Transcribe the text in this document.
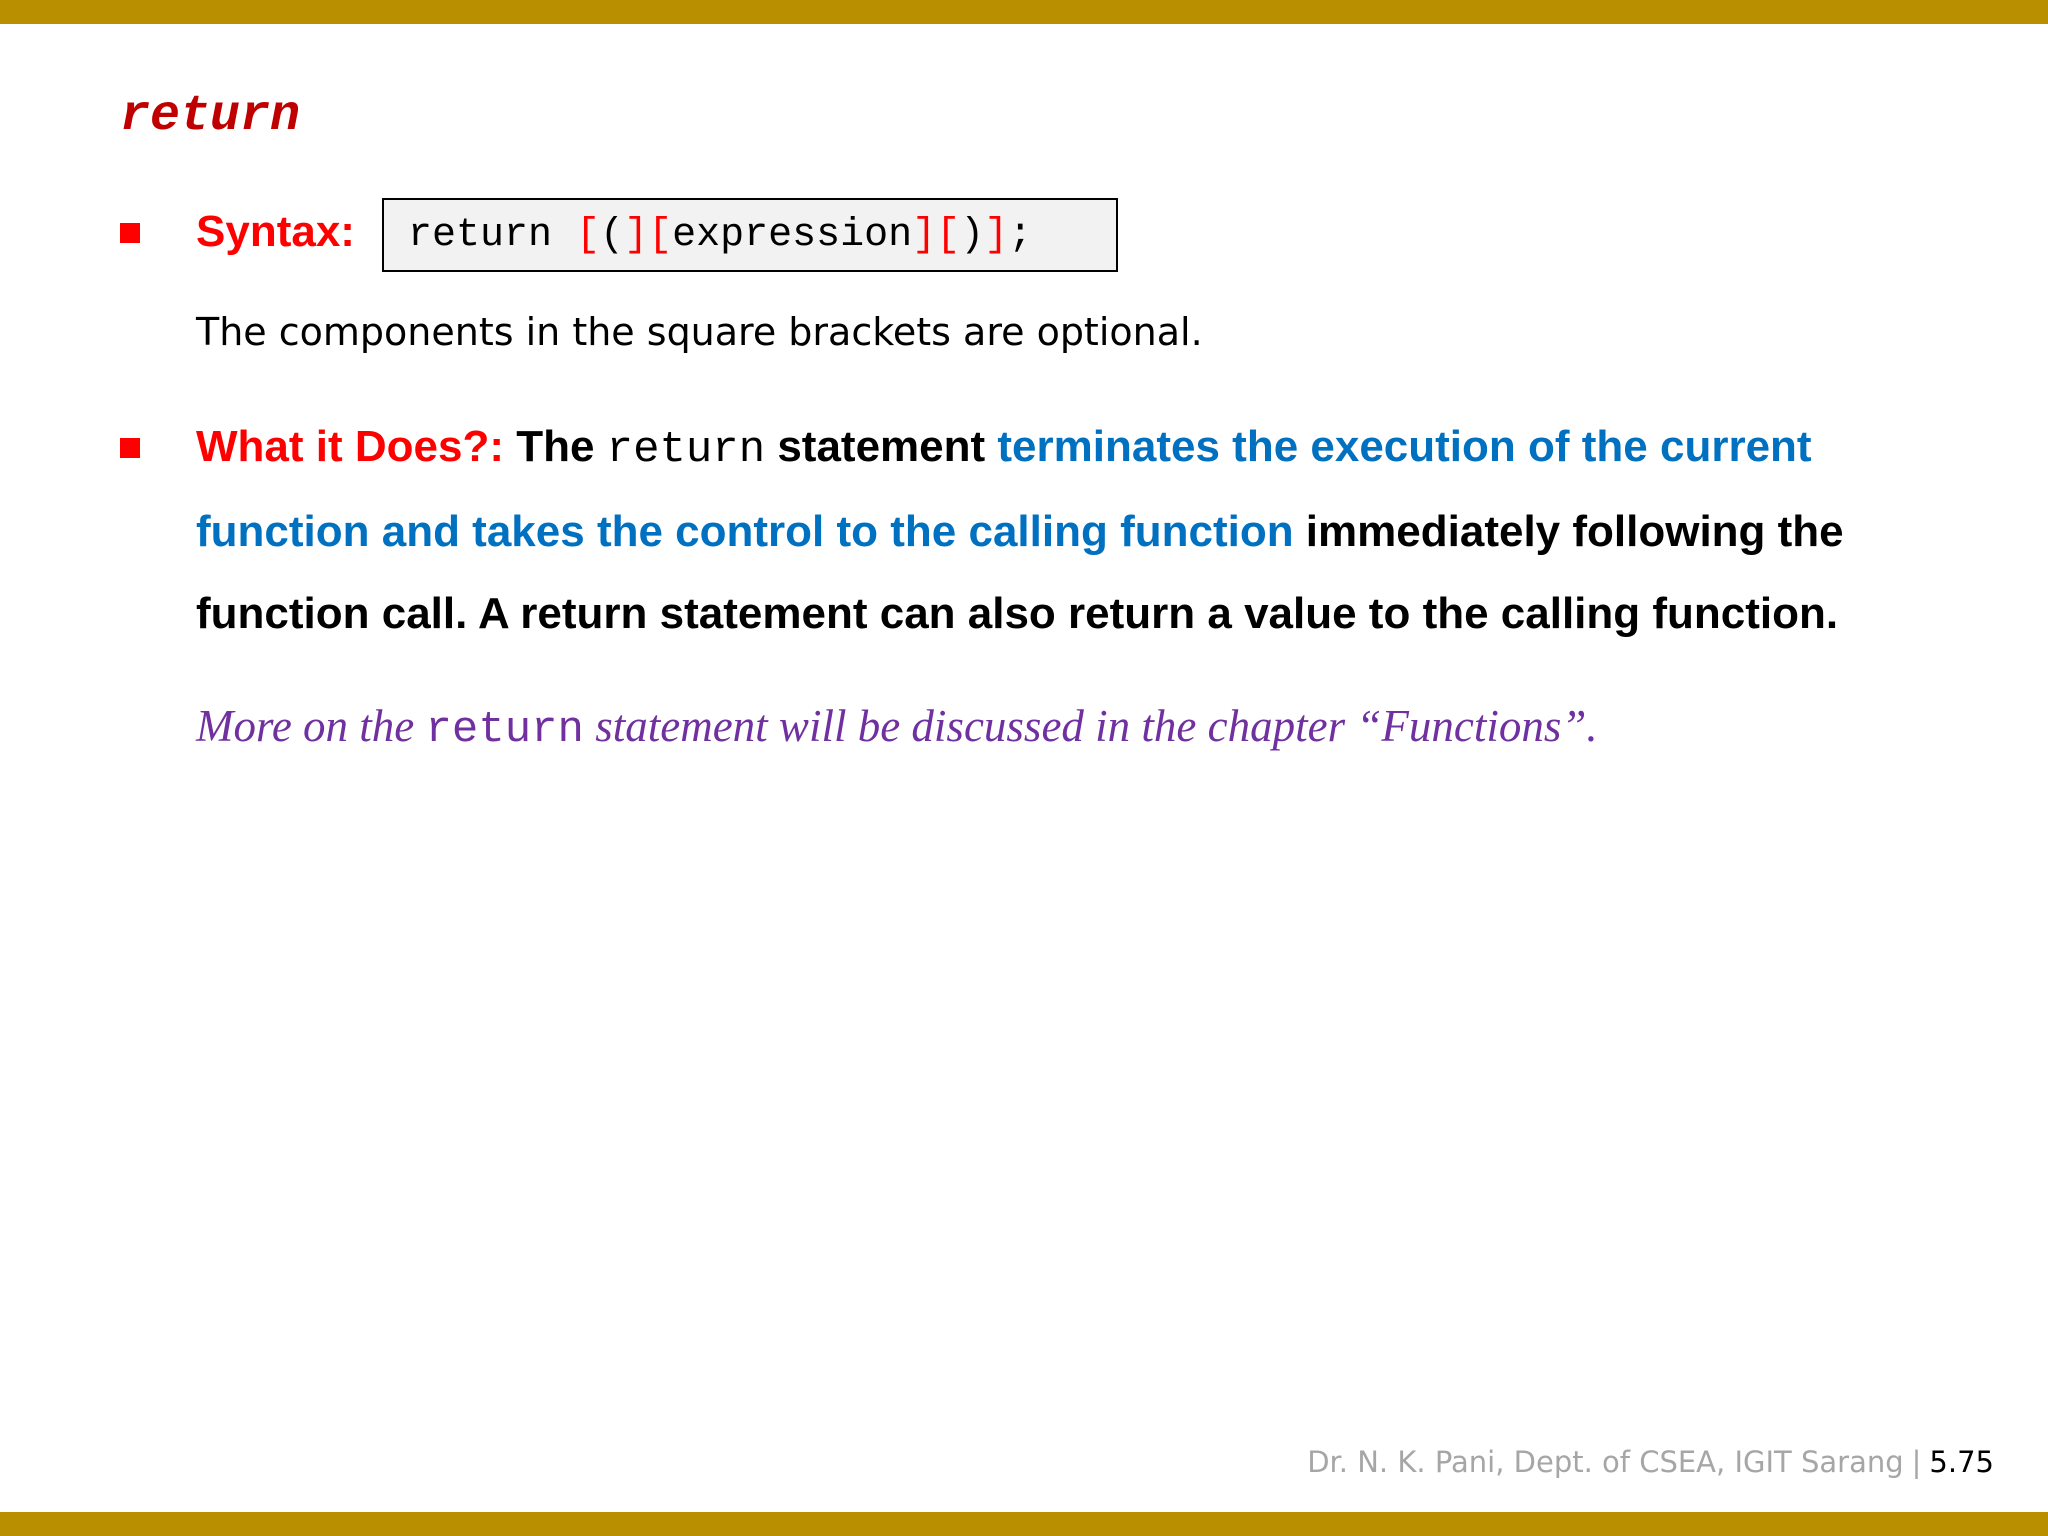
return
Syntax: return [ ( ] [ expression ] [ ) ] ;
The components in the square brackets are optional.
What it Does?: The return statement terminates the execution of the current function and takes the control to the calling function immediately following the function call. A return statement can also return a value to the calling function.
More on the return statement will be discussed in the chapter “Functions”.
Dr. N. K. Pani, Dept. of CSEA, IGIT Sarang | 5.75
